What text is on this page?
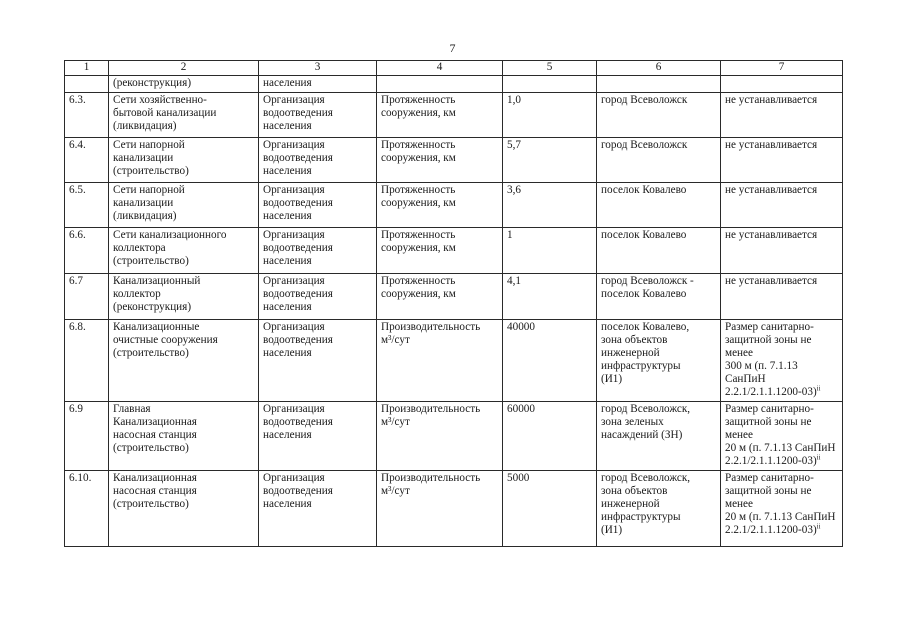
7
1	2	3	4	5	6	7
	(реконструкция)	населения				
6.3.	Сети хозяйственно-
бытовой канализации
(ликвидация)	Организация
водоотведения
населения	Протяженность
сооружения, км	1,0	город Всеволожск	не устанавливается
6.4.	Сети напорной
канализации
(строительство)	Организация
водоотведения
населения	Протяженность
сооружения, км	5,7	город Всеволожск	не устанавливается
6.5.	Сети напорной
канализации
(ликвидация)	Организация
водоотведения
населения	Протяженность
сооружения, км	3,6	поселок Ковалево	не устанавливается
6.6.	Сети канализационного
коллектора
(строительство)	Организация
водоотведения
населения	Протяженность
сооружения, км	1	поселок Ковалево	не устанавливается
6.7	Канализационный
коллектор
(реконструкция)	Организация
водоотведения
населения	Протяженность
сооружения, км	4,1	город Всеволожск -
поселок Ковалево	не устанавливается
6.8.	Канализационные
очистные сооружения
(строительство)	Организация
водоотведения
населения	Производительность
м³/сут	40000	поселок Ковалево,
зона объектов
инженерной
инфраструктуры
(И1)	Размер санитарно-
защитной зоны не менее
300 м (п. 7.1.13 СанПиН
2.2.1/2.1.1.1200-03)$^{ii}$
6.9	Главная
Канализационная
насосная станция
(строительство)	Организация
водоотведения
населения	Производительность
м³/сут	60000	город Всеволожск,
зона зеленых
насаждений (ЗН)	Размер санитарно-
защитной зоны не менее
20 м (п. 7.1.13 СанПиН
2.2.1/2.1.1.1200-03)$^{ii}$
6.10.	Канализационная
насосная станция
(строительство)	Организация
водоотведения
населения	Производительность
м³/сут	5000	город Всеволожск,
зона объектов
инженерной
инфраструктуры
(И1)	Размер санитарно-
защитной зоны не менее
20 м (п. 7.1.13 СанПиН
2.2.1/2.1.1.1200-03)$^{ii}$
